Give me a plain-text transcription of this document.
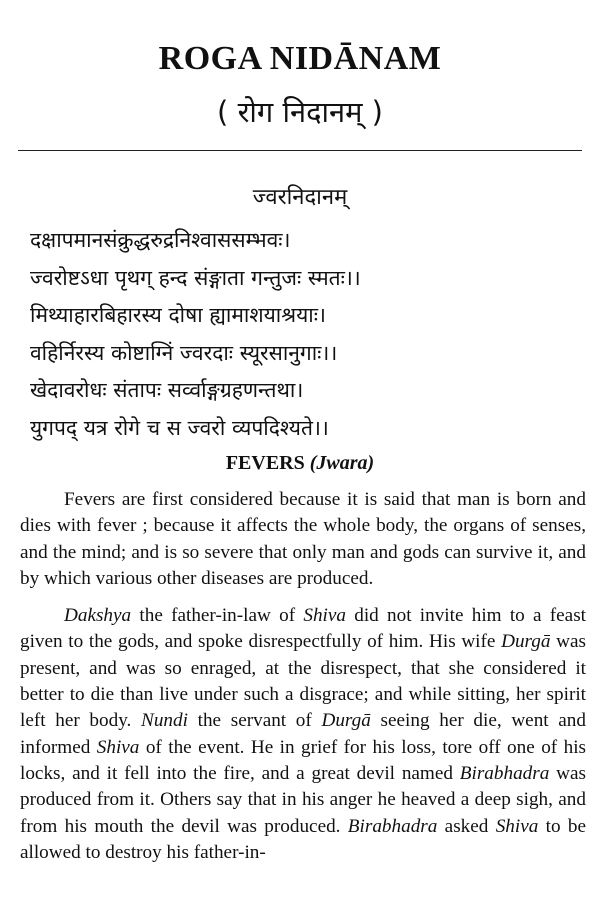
ROGA NIDĀNAM
( रोग निदानम् )
ज्वरनिदानम्
दक्षापमानसंक्रुद्धरुद्रनिश्वाससम्भवः।
ज्वरोष्टऽधा पृथग् हन्द संङ्गाता गन्तुजः स्मतः।।
मिथ्याहारबिहारस्य दोषा ह्यामाशयाश्रयाः।
वहिर्निरस्य कोष्टाग्निं ज्वरदाः स्यूरसानुगाः।।
खेदावरोधः संतापः सर्व्वाङ्गग्रहणन्तथा।
युगपद् यत्र रोगे च स ज्वरो व्यपदिश्यते।।
FEVERS (Jwara)

Fevers are first considered because it is said that man is born and dies with fever ; because it affects the whole body, the organs of senses, and the mind; and is so severe that only man and gods can survive it, and by which various other diseases are produced.

Dakshya the father-in-law of Shiva did not invite him to a feast given to the gods, and spoke disrespectfully of him. His wife Durgā was present, and was so enraged, at the disrespect, that she considered it better to die than live under such a disgrace; and while sitting, her spirit left her body. Nundi the servant of Durgā seeing her die, went and informed Shiva of the event. He in grief for his loss, tore off one of his locks, and it fell into the fire, and a great devil named Birabhadra was produced from it. Others say that in his anger he heaved a deep sigh, and from his mouth the devil was produced. Birabhadra asked Shiva to be allowed to destroy his father-in-
